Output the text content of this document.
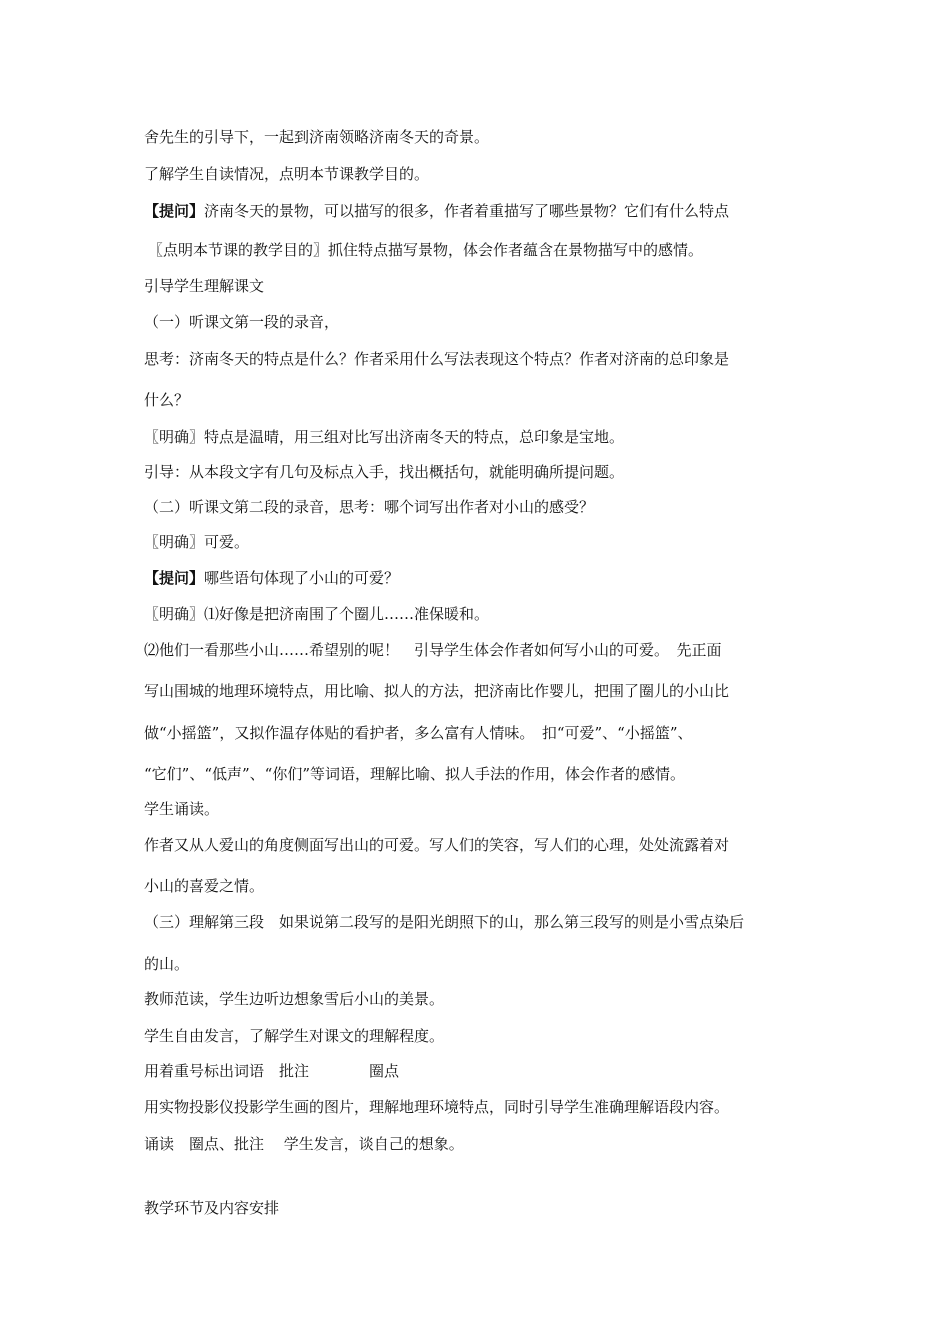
舍先生的引导下，一起到济南领略济南冬天的奇景。
了解学生自读情况，点明本节课教学目的。
【提问】济南冬天的景物，可以描写的很多，作者着重描写了哪些景物？它们有什么特点
〖点明本节课的教学目的〗抓住特点描写景物，体会作者蕴含在景物描写中的感情。
引导学生理解课文
（一）听课文第一段的录音，
思考：济南冬天的特点是什么？作者采用什么写法表现这个特点？作者对济南的总印象是
什么？
〖明确〗特点是温晴，用三组对比写出济南冬天的特点，总印象是宝地。
引导：从本段文字有几句及标点入手，找出概括句，就能明确所提问题。
（二）听课文第二段的录音，思考：哪个词写出作者对小山的感受？
〖明确〗可爱。
【提问】哪些语句体现了小山的可爱？
〖明确〗⑴好像是把济南围了个圈儿……准保暖和。
⑵他们一看那些小山……希望别的呢！　引导学生体会作者如何写小山的可爱。　先正面
写山围城的地理环境特点，用比喻、拟人的方法，把济南比作婴儿，把围了圈儿的小山比
做“小摇篮”，又拟作温存体贴的看护者，多么富有人情味。　扣“可爱”、“小摇篮”、
“它们”、“低声”、“你们”等词语，理解比喻、拟人手法的作用，体会作者的感情。
学生诵读。
作者又从人爱山的角度侧面写出山的可爱。写人们的笑容，写人们的心理，处处流露着对
小山的喜爱之情。
（三）理解第三段　如果说第二段写的是阳光朗照下的山，那么第三段写的则是小雪点染后
的山。
教师范读，学生边听边想象雪后小山的美景。
学生自由发言，了解学生对课文的理解程度。
用着重号标出词语　批注　　　　圈点
用实物投影仪投影学生画的图片，理解地理环境特点，同时引导学生准确理解语段内容。
诵读　圈点、批注　 学生发言，谈自己的想象。
教学环节及内容安排
